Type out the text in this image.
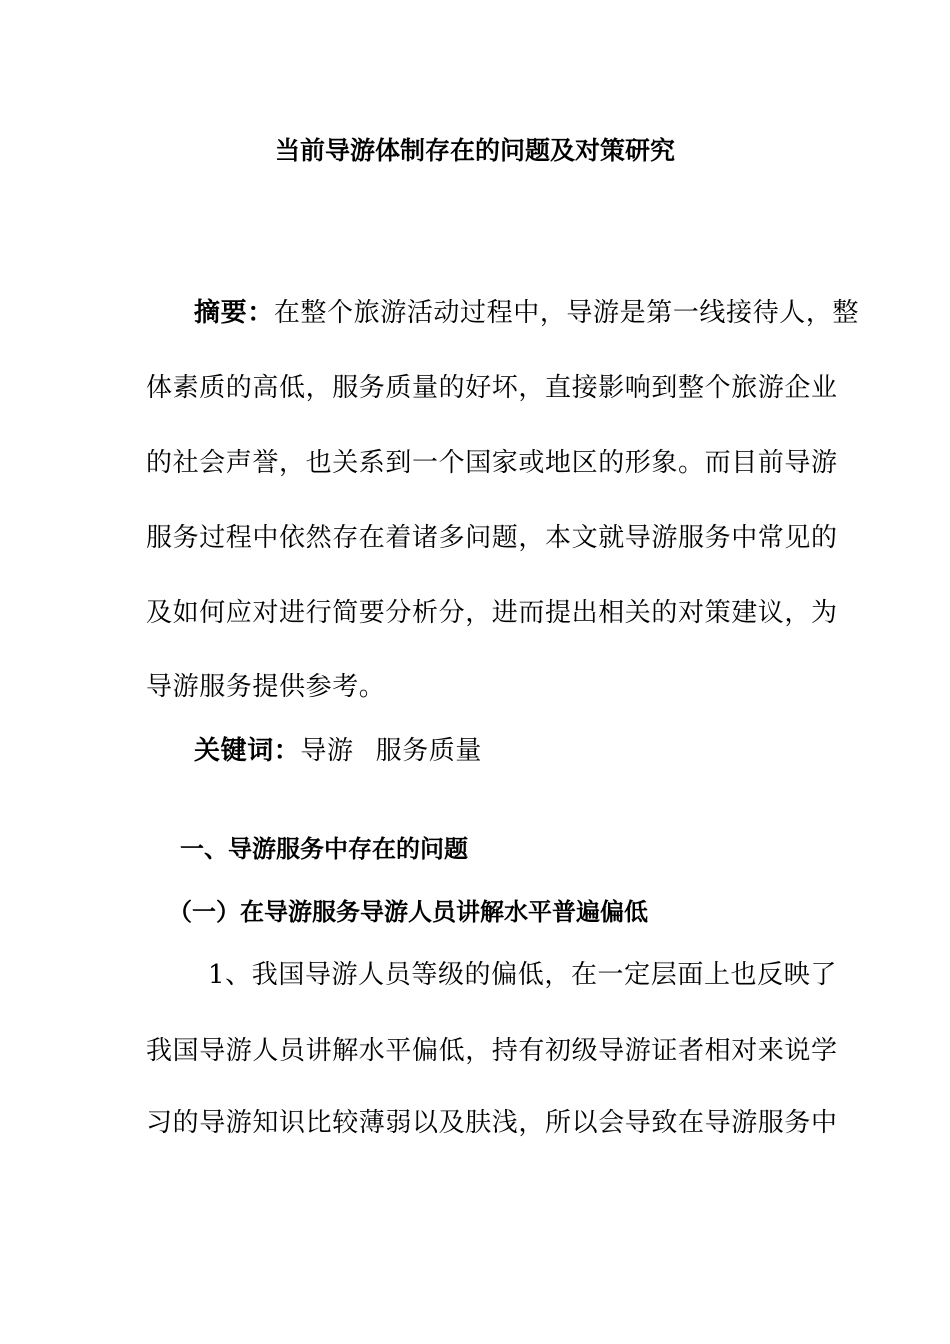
当前导游体制存在的问题及对策研究
摘要：在整个旅游活动过程中，导游是第一线接待人，整
体素质的高低，服务质量的好坏，直接影响到整个旅游企业
的社会声誉，也关系到一个国家或地区的形象。而目前导游
服务过程中依然存在着诸多问题，本文就导游服务中常见的
及如何应对进行简要分析分，进而提出相关的对策建议，为
导游服务提供参考。
关键词：导游 服务质量
一、导游服务中存在的问题
（一）在导游服务导游人员讲解水平普遍偏低
1、我国导游人员等级的偏低，在一定层面上也反映了
我国导游人员讲解水平偏低，持有初级导游证者相对来说学
习的导游知识比较薄弱以及肤浅，所以会导致在导游服务中
